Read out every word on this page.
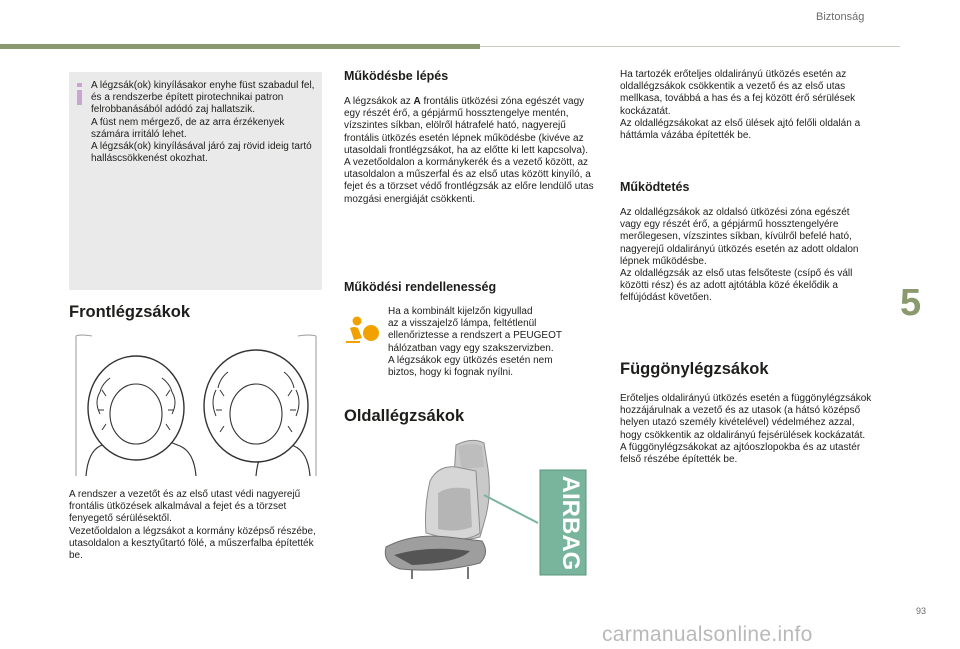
Biztonság
A légzsák(ok) kinyílásakor enyhe füst szabadul fel, és a rendszerbe épített pirotechnikai patron felrobbanásából adódó zaj hallatszik.
A füst nem mérgező, de az arra érzékenyek számára irritáló lehet.
A légzsák(ok) kinyílásával járó zaj rövid ideig tartó halláscsökkenést okozhat.
Frontlégzsákok
A rendszer a vezetőt és az első utast védi nagyerejű frontális ütközések alkalmával a fejet és a törzset fenyegető sérülésektől.
Vezetőoldalon a légzsákot a kormány középső részébe, utasoldalon a kesztyűtartó fölé, a műszerfalba építették be.
Működésbe lépés
A légzsákok az A frontális ütközési zóna egészét vagy egy részét érő, a gépjármű hossztengelye mentén, vízszintes síkban, elölről hátrafelé ható, nagyerejű frontális ütközés esetén lépnek működésbe (kivéve az utasoldali frontlégzsákot, ha az előtte ki lett kapcsolva).
A vezetőoldalon a kormánykerék és a vezető között, az utasoldalon a műszerfal és az első utas között kinyíló, a fejet és a törzset védő frontlégzsák az előre lendülő utas mozgási energiáját csökkenti.
Működési rendellenesség
Ha a kombinált kijelzőn kigyullad
az a visszajelző lámpa, feltétlenül
ellenőriztesse a rendszert a PEUGEOT
hálózatban vagy egy szakszervizben.
A légzsákok egy ütközés esetén nem
biztos, hogy ki fognak nyílni.
Oldallégzsákok
AIRBAG
Ha tartozék erőteljes oldalirányú ütközés esetén az oldallégzsákok csökkentik a vezető és az első utas mellkasa, továbbá a has és a fej között érő sérülések kockázatát.
Az oldallégzsákokat az első ülések ajtó felőli oldalán a háttámla vázába építették be.
Működtetés
Az oldallégzsákok az oldalsó ütközési zóna egészét vagy egy részét érő, a gépjármű hossztengelyére merőlegesen, vízszintes síkban, kívülről befelé ható, nagyerejű oldalirányú ütközés esetén az adott oldalon lépnek működésbe.
Az oldallégzsák az első utas felsőteste (csípő és váll közötti rész) és az adott ajtótábla közé ékelődik a felfújódást követően.
Függönylégzsákok
Erőteljes oldalirányú ütközés esetén a függönylégzsákok hozzájárulnak a vezető és az utasok (a hátsó középső helyen utazó személy kivételével) védelméhez azzal, hogy csökkentik az oldalirányú fejsérülések kockázatát.
A függönylégzsákokat az ajtóoszlopokba és az utastér felső részébe építették be.
5
93
carmanualsonline.info
